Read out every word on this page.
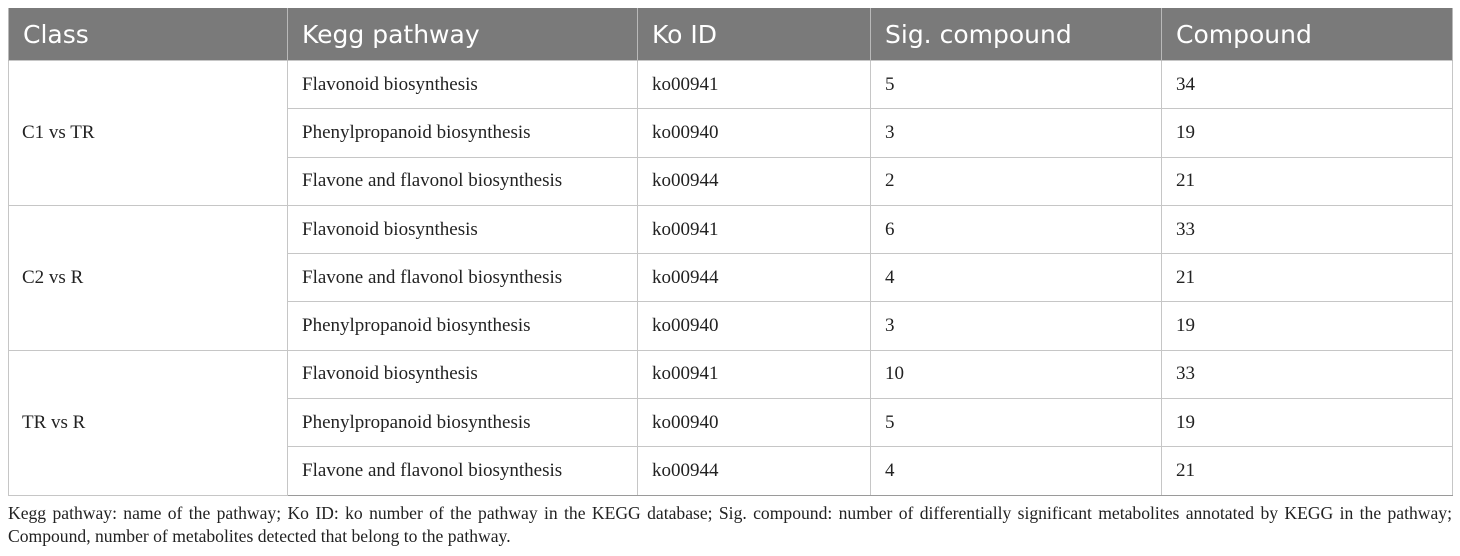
Class	Kegg pathway	Ko ID	Sig. compound	Compound
C1 vs TR	Flavonoid biosynthesis	ko00941	5	34
	Phenylpropanoid biosynthesis	ko00940	3	19
	Flavone and flavonol biosynthesis	ko00944	2	21
C2 vs R	Flavonoid biosynthesis	ko00941	6	33
	Flavone and flavonol biosynthesis	ko00944	4	21
	Phenylpropanoid biosynthesis	ko00940	3	19
TR vs R	Flavonoid biosynthesis	ko00941	10	33
	Phenylpropanoid biosynthesis	ko00940	5	19
	Flavone and flavonol biosynthesis	ko00944	4	21

Kegg pathway: name of the pathway; Ko ID: ko number of the pathway in the KEGG database; Sig. compound: number of differentially significant metabolites annotated by KEGG in the pathway; Compound, number of metabolites detected that belong to the pathway.
